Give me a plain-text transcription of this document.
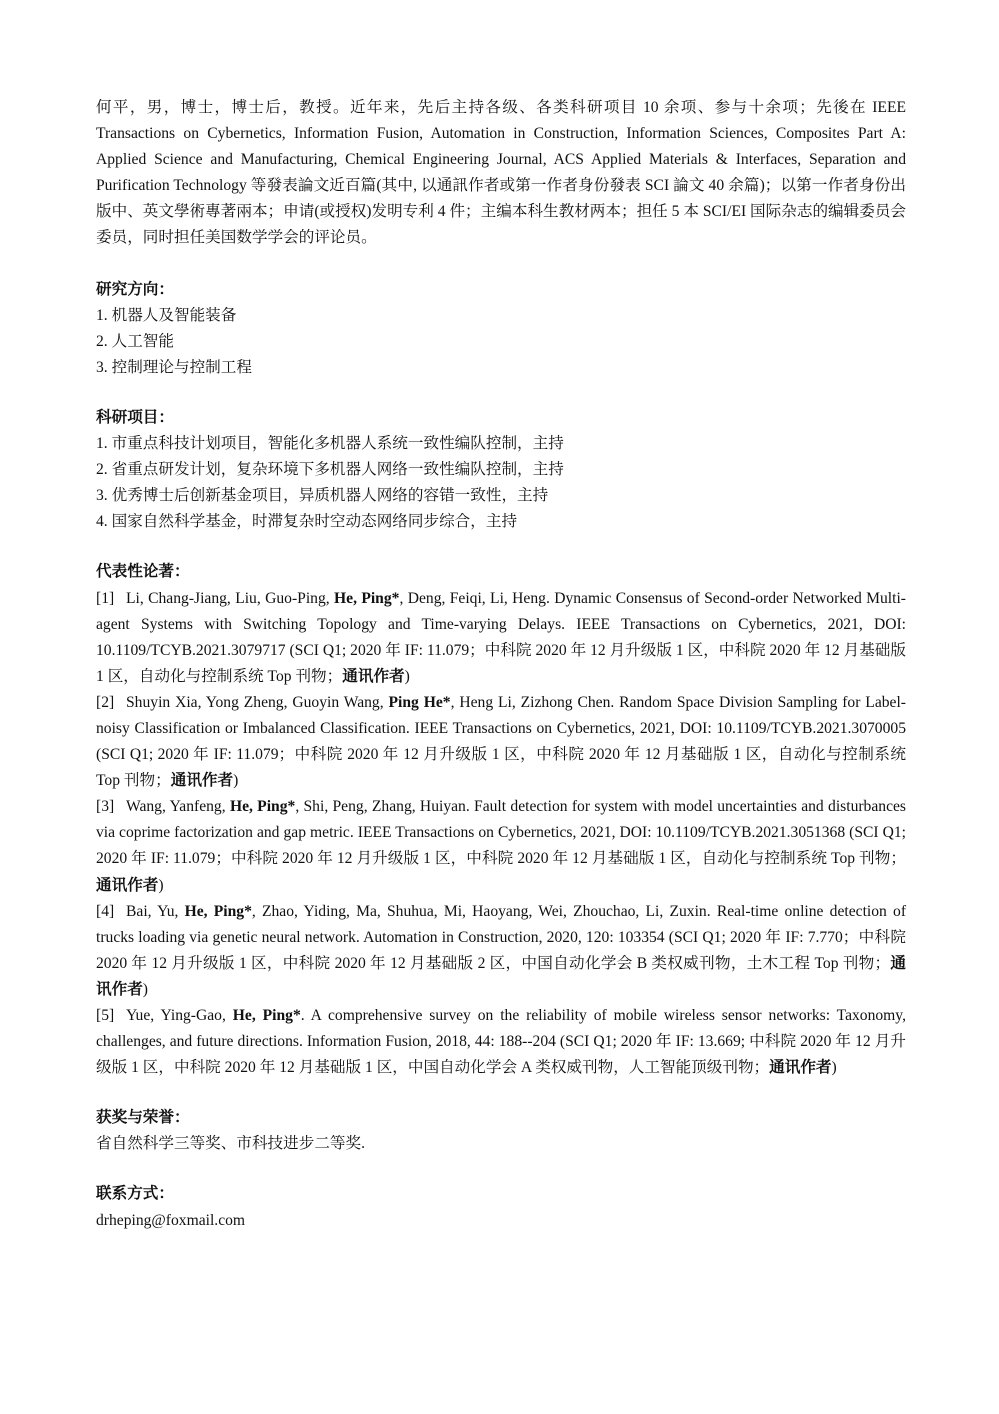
何平，男，博士，博士后，教授。近年来，先后主持各级、各类科研项目 10 余项、参与十余项；先後在 IEEE Transactions on Cybernetics, Information Fusion, Automation in Construction, Information Sciences, Composites Part A: Applied Science and Manufacturing, Chemical Engineering Journal, ACS Applied Materials & Interfaces, Separation and Purification Technology 等發表論文近百篇(其中, 以通訊作者或第一作者身份發表 SCI 論文 40 余篇)；以第一作者身份出版中、英文學術專著兩本；申请(或授权)发明专利 4 件；主编本科生教材两本；担任 5 本 SCI/EI 国际杂志的编辑委员会委员，同时担任美国数学学会的评论员。

研究方向：

1. 机器人及智能装备

2. 人工智能

3. 控制理论与控制工程

科研项目：

1. 市重点科技计划项目，智能化多机器人系统一致性编队控制，主持

2. 省重点研发计划，复杂环境下多机器人网络一致性编队控制，主持

3. 优秀博士后创新基金项目，异质机器人网络的容错一致性，主持

4. 国家自然科学基金，时滞复杂时空动态网络同步综合，主持

代表性论著：

[1] Li, Chang-Jiang, Liu, Guo-Ping, He, Ping*, Deng, Feiqi, Li, Heng. Dynamic Consensus of Second-order Networked Multi-agent Systems with Switching Topology and Time-varying Delays. IEEE Transactions on Cybernetics, 2021, DOI: 10.1109/TCYB.2021.3079717 (SCI Q1; 2020 年 IF: 11.079；中科院 2020 年 12 月升级版 1 区，中科院 2020 年 12 月基础版 1 区，自动化与控制系统 Top 刊物；通讯作者)

[2] Shuyin Xia, Yong Zheng, Guoyin Wang, Ping He*, Heng Li, Zizhong Chen. Random Space Division Sampling for Label-noisy Classification or Imbalanced Classification. IEEE Transactions on Cybernetics, 2021, DOI: 10.1109/TCYB.2021.3070005 (SCI Q1; 2020 年 IF: 11.079；中科院 2020 年 12 月升级版 1 区，中科院 2020 年 12 月基础版 1 区，自动化与控制系统 Top 刊物；通讯作者)

[3] Wang, Yanfeng, He, Ping*, Shi, Peng, Zhang, Huiyan. Fault detection for system with model uncertainties and disturbances via coprime factorization and gap metric. IEEE Transactions on Cybernetics, 2021, DOI: 10.1109/TCYB.2021.3051368 (SCI Q1; 2020 年 IF: 11.079；中科院 2020 年 12 月升级版 1 区，中科院 2020 年 12 月基础版 1 区，自动化与控制系统 Top 刊物；通讯作者)

[4] Bai, Yu, He, Ping*, Zhao, Yiding, Ma, Shuhua, Mi, Haoyang, Wei, Zhouchao, Li, Zuxin. Real-time online detection of trucks loading via genetic neural network. Automation in Construction, 2020, 120: 103354 (SCI Q1; 2020 年 IF: 7.770；中科院 2020 年 12 月升级版 1 区，中科院 2020 年 12 月基础版 2 区，中国自动化学会 B 类权威刊物，土木工程 Top 刊物；通讯作者)

[5] Yue, Ying-Gao, He, Ping*. A comprehensive survey on the reliability of mobile wireless sensor networks: Taxonomy, challenges, and future directions. Information Fusion, 2018, 44: 188--204 (SCI Q1; 2020 年 IF: 13.669; 中科院 2020 年 12 月升级版 1 区，中科院 2020 年 12 月基础版 1 区，中国自动化学会 A 类权威刊物，人工智能顶级刊物；通讯作者)

获奖与荣誉：

省自然科学三等奖、市科技进步二等奖.

联系方式：

drheping@foxmail.com
